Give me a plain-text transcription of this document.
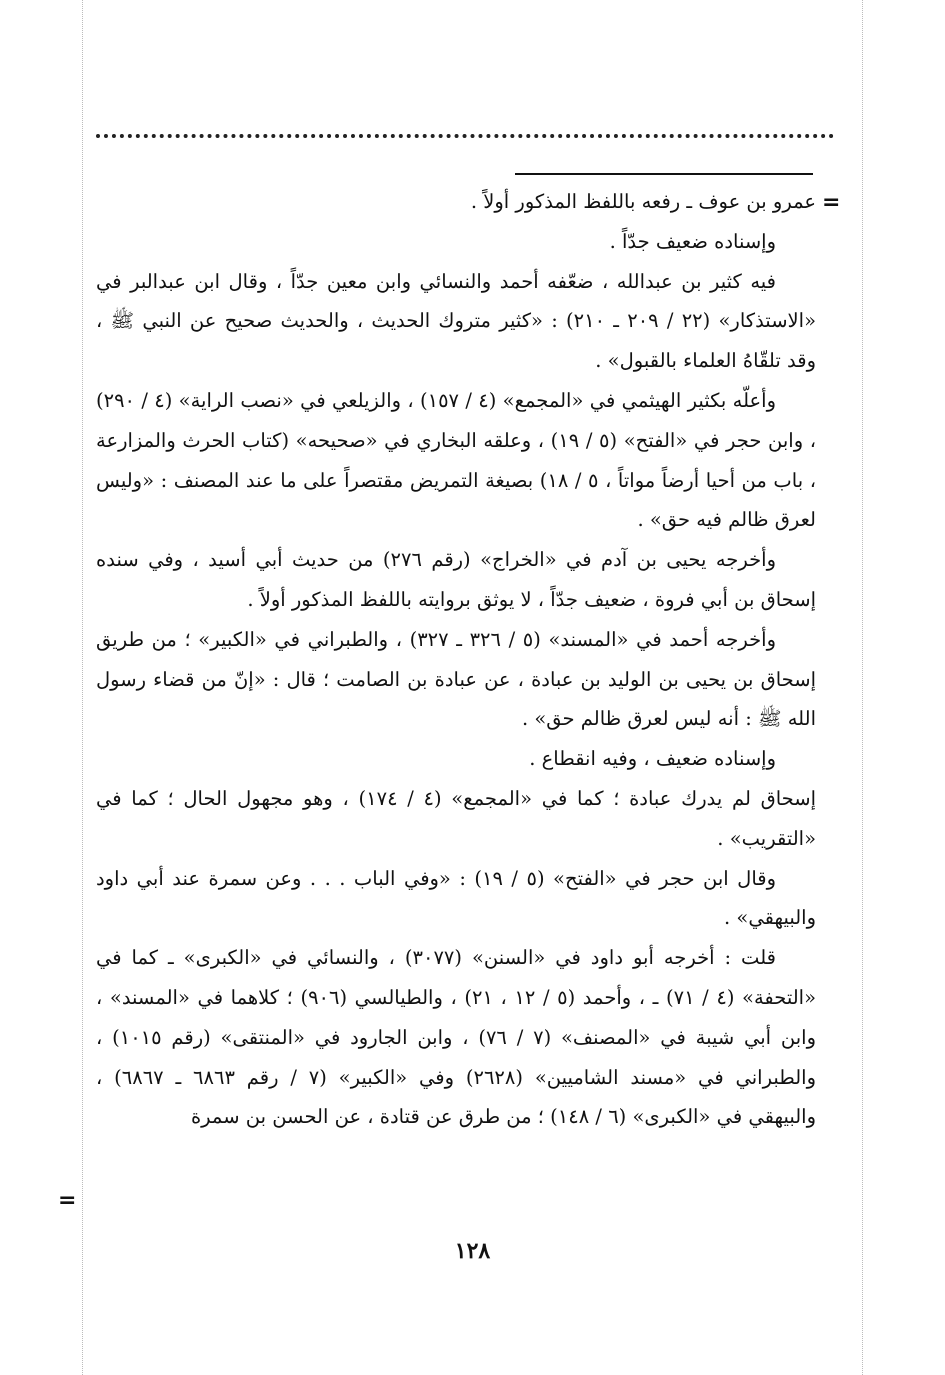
=

عمرو بن عوف ـ رفعه باللفظ المذكور أولاً .

وإسناده ضعيف جدّاً .

فيه كثير بن عبدالله ، ضعّفه أحمد والنسائي وابن معين جدّاً ، وقال ابن عبدالبر في «الاستذكار» (٢٢ / ٢٠٩ ـ ٢١٠) : «كثير متروك الحديث ، والحديث صحيح عن النبي ﷺ ، وقد تلقّاهُ العلماء بالقبول» .

وأعلّه بكثير الهيثمي في «المجمع» (٤ / ١٥٧) ، والزيلعي في «نصب الراية» (٤ / ٢٩٠) ، وابن حجر في «الفتح» (٥ / ١٩) ، وعلقه البخاري في «صحيحه» (كتاب الحرث والمزارعة ، باب من أحيا أرضاً مواتاً ، ٥ / ١٨) بصيغة التمريض مقتصراً على ما عند المصنف : «وليس لعرق ظالم فيه حق» .

وأخرجه يحيى بن آدم في «الخراج» (رقم ٢٧٦) من حديث أبي أسيد ، وفي سنده إسحاق بن أبي فروة ، ضعيف جدّاً ، لا يوثق بروايته باللفظ المذكور أولاً .

وأخرجه أحمد في «المسند» (٥ / ٣٢٦ ـ ٣٢٧) ، والطبراني في «الكبير» ؛ من طريق إسحاق بن يحيى بن الوليد بن عبادة ، عن عبادة بن الصامت ؛ قال : «إنّ من قضاء رسول الله ﷺ : أنه ليس لعرق ظالم حق» .

وإسناده ضعيف ، وفيه انقطاع .

إسحاق لم يدرك عبادة ؛ كما في «المجمع» (٤ / ١٧٤) ، وهو مجهول الحال ؛ كما في «التقريب» .

وقال ابن حجر في «الفتح» (٥ / ١٩) : «وفي الباب . . . وعن سمرة عند أبي داود والبيهقي» .

قلت : أخرجه أبو داود في «السنن» (٣٠٧٧) ، والنسائي في «الكبرى» ـ كما في «التحفة» (٤ / ٧١) ـ ، وأحمد (٥ / ١٢ ، ٢١) ، والطيالسي (٩٠٦) ؛ كلاهما في «المسند» ، وابن أبي شيبة في «المصنف» (٧ / ٧٦) ، وابن الجارود في «المنتقى» (رقم ١٠١٥) ، والطبراني في «مسند الشاميين» (٢٦٢٨) وفي «الكبير» (٧ / رقم ٦٨٦٣ ـ ٦٨٦٧) ، والبيهقي في «الكبرى» (٦ / ١٤٨) ؛ من طرق عن قتادة ، عن الحسن بن سمرة

=
١٢٨
